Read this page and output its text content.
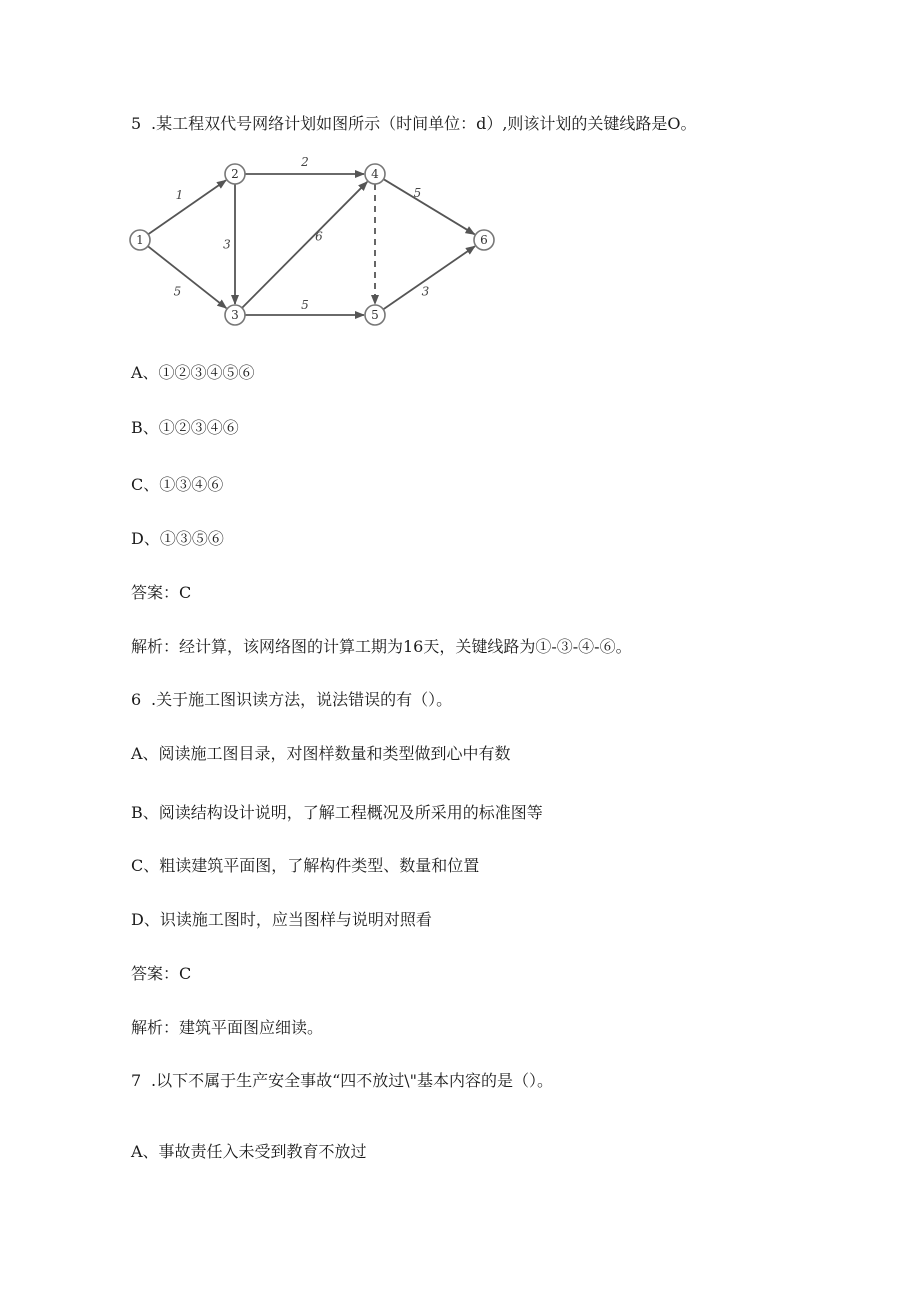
5 .某工程双代号网络计划如图所示（时间单位：d）,则该计划的关键线路是O。
1
5
3
2
6
5
5
3
1
2
3
4
5
6
A、①②③④⑤⑥
B、①②③④⑥
C、①③④⑥
D、①③⑤⑥
答案：C
解析：经计算，该网络图的计算工期为16天，关键线路为①-③-④-⑥。
6 .关于施工图识读方法，说法错误的有（）。
A、阅读施工图目录，对图样数量和类型做到心中有数
B、阅读结构设计说明，了解工程概况及所采用的标准图等
C、粗读建筑平面图，了解构件类型、数量和位置
D、识读施工图时，应当图样与说明对照看
答案：C
解析：建筑平面图应细读。
7 .以下不属于生产安全事故“四不放过\"基本内容的是（）。
A、事故责任入未受到教育不放过
